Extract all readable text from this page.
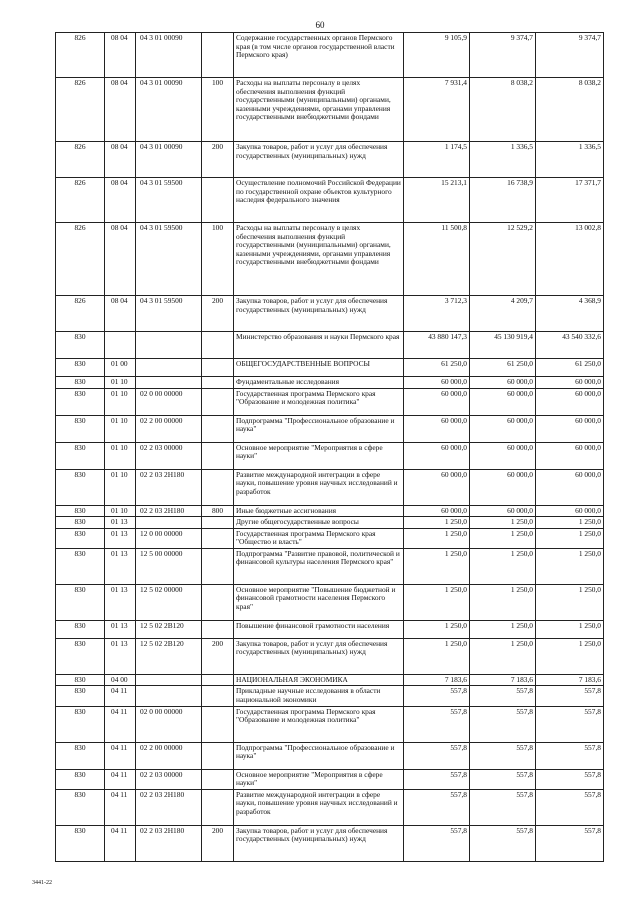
60
826	08 04	04 3 01 00090		Содержание государственных органов Пермского края (в том числе органов государственной власти Пермского края)	9 105,9	9 374,7	9 374,7
826	08 04	04 3 01 00090	100	Расходы на выплаты персоналу в целях обеспечения выполнения функций государственными (муниципальными) органами, казенными учреждениями, органами управления государственными внебюджетными фондами	7 931,4	8 038,2	8 038,2
826	08 04	04 3 01 00090	200	Закупка товаров, работ и услуг для обеспечения государственных (муниципальных) нужд	1 174,5	1 336,5	1 336,5
826	08 04	04 3 01 59500		Осуществление полномочий Российской Федерации по государственной охране объектов культурного наследия федерального значения	15 213,1	16 738,9	17 371,7
826	08 04	04 3 01 59500	100	Расходы на выплаты персоналу в целях обеспечения выполнения функций государственными (муниципальными) органами, казенными учреждениями, органами управления государственными внебюджетными фондами	11 500,8	12 529,2	13 002,8
826	08 04	04 3 01 59500	200	Закупка товаров, работ и услуг для обеспечения государственных (муниципальных) нужд	3 712,3	4 209,7	4 368,9
830				Министерство образования и науки Пермского края	43 880 147,3	45 130 919,4	43 540 332,6
830	01 00			ОБЩЕГОСУДАРСТВЕННЫЕ ВОПРОСЫ	61 250,0	61 250,0	61 250,0
830	01 10			Фундаментальные исследования	60 000,0	60 000,0	60 000,0
830	01 10	02 0 00 00000		Государственная программа Пермского края "Образование и молодежная политика"	60 000,0	60 000,0	60 000,0
830	01 10	02 2 00 00000		Подпрограмма "Профессиональное образование и наука"	60 000,0	60 000,0	60 000,0
830	01 10	02 2 03 00000		Основное мероприятие "Мероприятия в сфере науки"	60 000,0	60 000,0	60 000,0
830	01 10	02 2 03 2Н180		Развитие международной интеграции в сфере науки, повышение уровня научных исследований и разработок	60 000,0	60 000,0	60 000,0
830	01 10	02 2 03 2Н180	800	Иные бюджетные ассигнования	60 000,0	60 000,0	60 000,0
830	01 13			Другие общегосударственные вопросы	1 250,0	1 250,0	1 250,0
830	01 13	12 0 00 00000		Государственная программа Пермского края "Общество и власть"	1 250,0	1 250,0	1 250,0
830	01 13	12 5 00 00000		Подпрограмма "Развитие правовой, политической и финансовой культуры населения Пермского края"	1 250,0	1 250,0	1 250,0
830	01 13	12 5 02 00000		Основное мероприятие "Повышение бюджетной и финансовой грамотности населения Пермского края"	1 250,0	1 250,0	1 250,0
830	01 13	12 5 02 2В120		Повышение финансовой грамотности населения	1 250,0	1 250,0	1 250,0
830	01 13	12 5 02 2В120	200	Закупка товаров, работ и услуг для обеспечения государственных (муниципальных) нужд	1 250,0	1 250,0	1 250,0
830	04 00			НАЦИОНАЛЬНАЯ ЭКОНОМИКА	7 183,6	7 183,6	7 183,6
830	04 11			Прикладные научные исследования в области национальной экономики	557,8	557,8	557,8
830	04 11	02 0 00 00000		Государственная программа Пермского края "Образование и молодежная политика"	557,8	557,8	557,8
830	04 11	02 2 00 00000		Подпрограмма "Профессиональное образование и наука"	557,8	557,8	557,8
830	04 11	02 2 03 00000		Основное мероприятие "Мероприятия в сфере науки"	557,8	557,8	557,8
830	04 11	02 2 03 2Н180		Развитие международной интеграции в сфере науки, повышение уровня научных исследований и разработок	557,8	557,8	557,8
830	04 11	02 2 03 2Н180	200	Закупка товаров, работ и услуг для обеспечения государственных (муниципальных) нужд	557,8	557,8	557,8
3441-22
